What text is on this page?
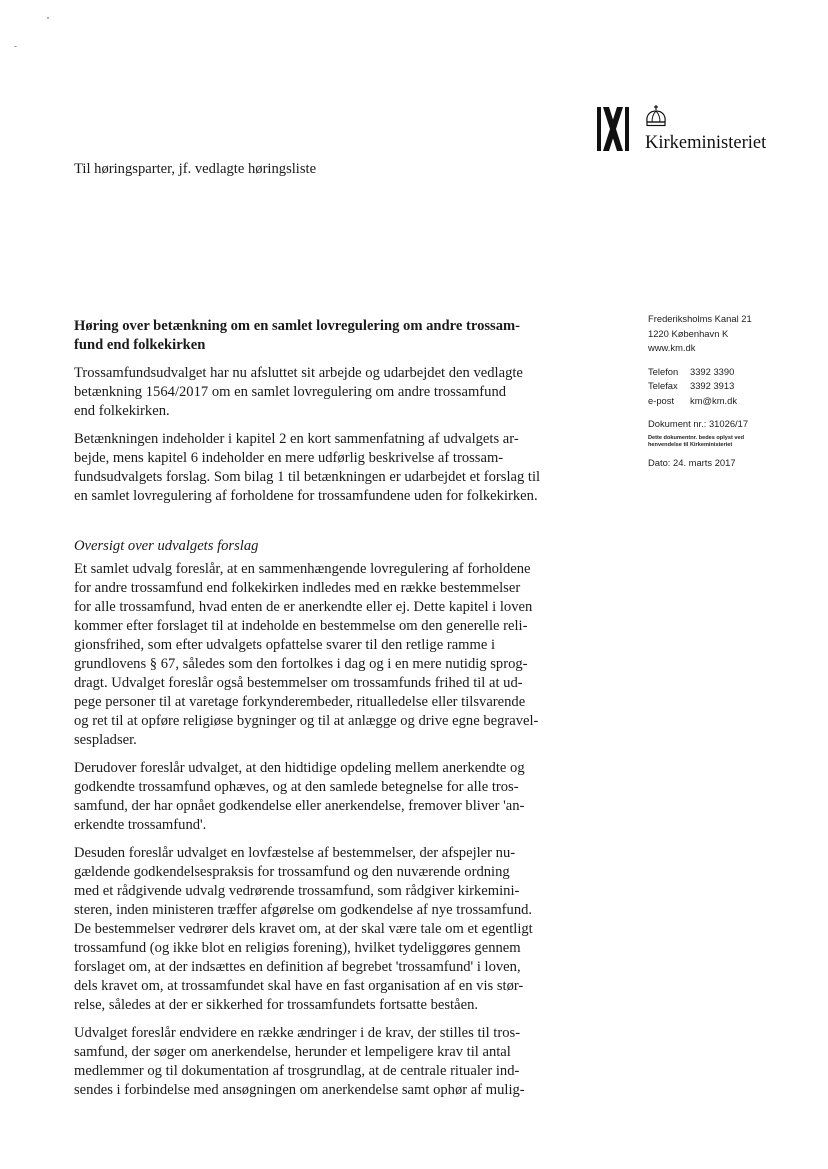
Kirkeministeriet
Til høringsparter, jf. vedlagte høringsliste
Frederiksholms Kanal 21
1220 København K
www.km.dk
Telefon 3392 3390
Telefax 3392 3913
e-post km@km.dk
Dokument nr.: 31026/17
Dette dokumentnr. bedes oplyst ved
henvendelse til Kirkeministeriet
Dato: 24. marts 2017
Høring over betænkning om en samlet lovregulering om andre trossam-
fund end folkekirken
Trossamfundsudvalget har nu afsluttet sit arbejde og udarbejdet den vedlagte
betænkning 1564/2017 om en samlet lovregulering om andre trossamfund
end folkekirken.
Betænkningen indeholder i kapitel 2 en kort sammenfatning af udvalgets ar-
bejde, mens kapitel 6 indeholder en mere udførlig beskrivelse af trossam-
fundsudvalgets forslag. Som bilag 1 til betænkningen er udarbejdet et forslag til
en samlet lovregulering af forholdene for trossamfundene uden for folkekirken.
Oversigt over udvalgets forslag
Et samlet udvalg foreslår, at en sammenhængende lovregulering af forholdene
for andre trossamfund end folkekirken indledes med en række bestemmelser
for alle trossamfund, hvad enten de er anerkendte eller ej. Dette kapitel i loven
kommer efter forslaget til at indeholde en bestemmelse om den generelle reli-
gionsfrihed, som efter udvalgets opfattelse svarer til den retlige ramme i
grundlovens § 67, således som den fortolkes i dag og i en mere nutidig sprog-
dragt. Udvalget foreslår også bestemmelser om trossamfunds frihed til at ud-
pege personer til at varetage forkynderembeder, ritualledelse eller tilsvarende
og ret til at opføre religiøse bygninger og til at anlægge og drive egne begravel-
sespladser.
Derudover foreslår udvalget, at den hidtidige opdeling mellem anerkendte og
godkendte trossamfund ophæves, og at den samlede betegnelse for alle tros-
samfund, der har opnået godkendelse eller anerkendelse, fremover bliver 'an-
erkendte trossamfund'.
Desuden foreslår udvalget en lovfæstelse af bestemmelser, der afspejler nu-
gældende godkendelsespraksis for trossamfund og den nuværende ordning
med et rådgivende udvalg vedrørende trossamfund, som rådgiver kirkemini-
steren, inden ministeren træffer afgørelse om godkendelse af nye trossamfund.
De bestemmelser vedrører dels kravet om, at der skal være tale om et egentligt
trossamfund (og ikke blot en religiøs forening), hvilket tydeliggøres gennem
forslaget om, at der indsættes en definition af begrebet 'trossamfund' i loven,
dels kravet om, at trossamfundet skal have en fast organisation af en vis stør-
relse, således at der er sikkerhed for trossamfundets fortsatte beståen.
Udvalget foreslår endvidere en række ændringer i de krav, der stilles til tros-
samfund, der søger om anerkendelse, herunder et lempeligere krav til antal
medlemmer og til dokumentation af trosgrundlag, at de centrale ritualer ind-
sendes i forbindelse med ansøgningen om anerkendelse samt ophør af mulig-
